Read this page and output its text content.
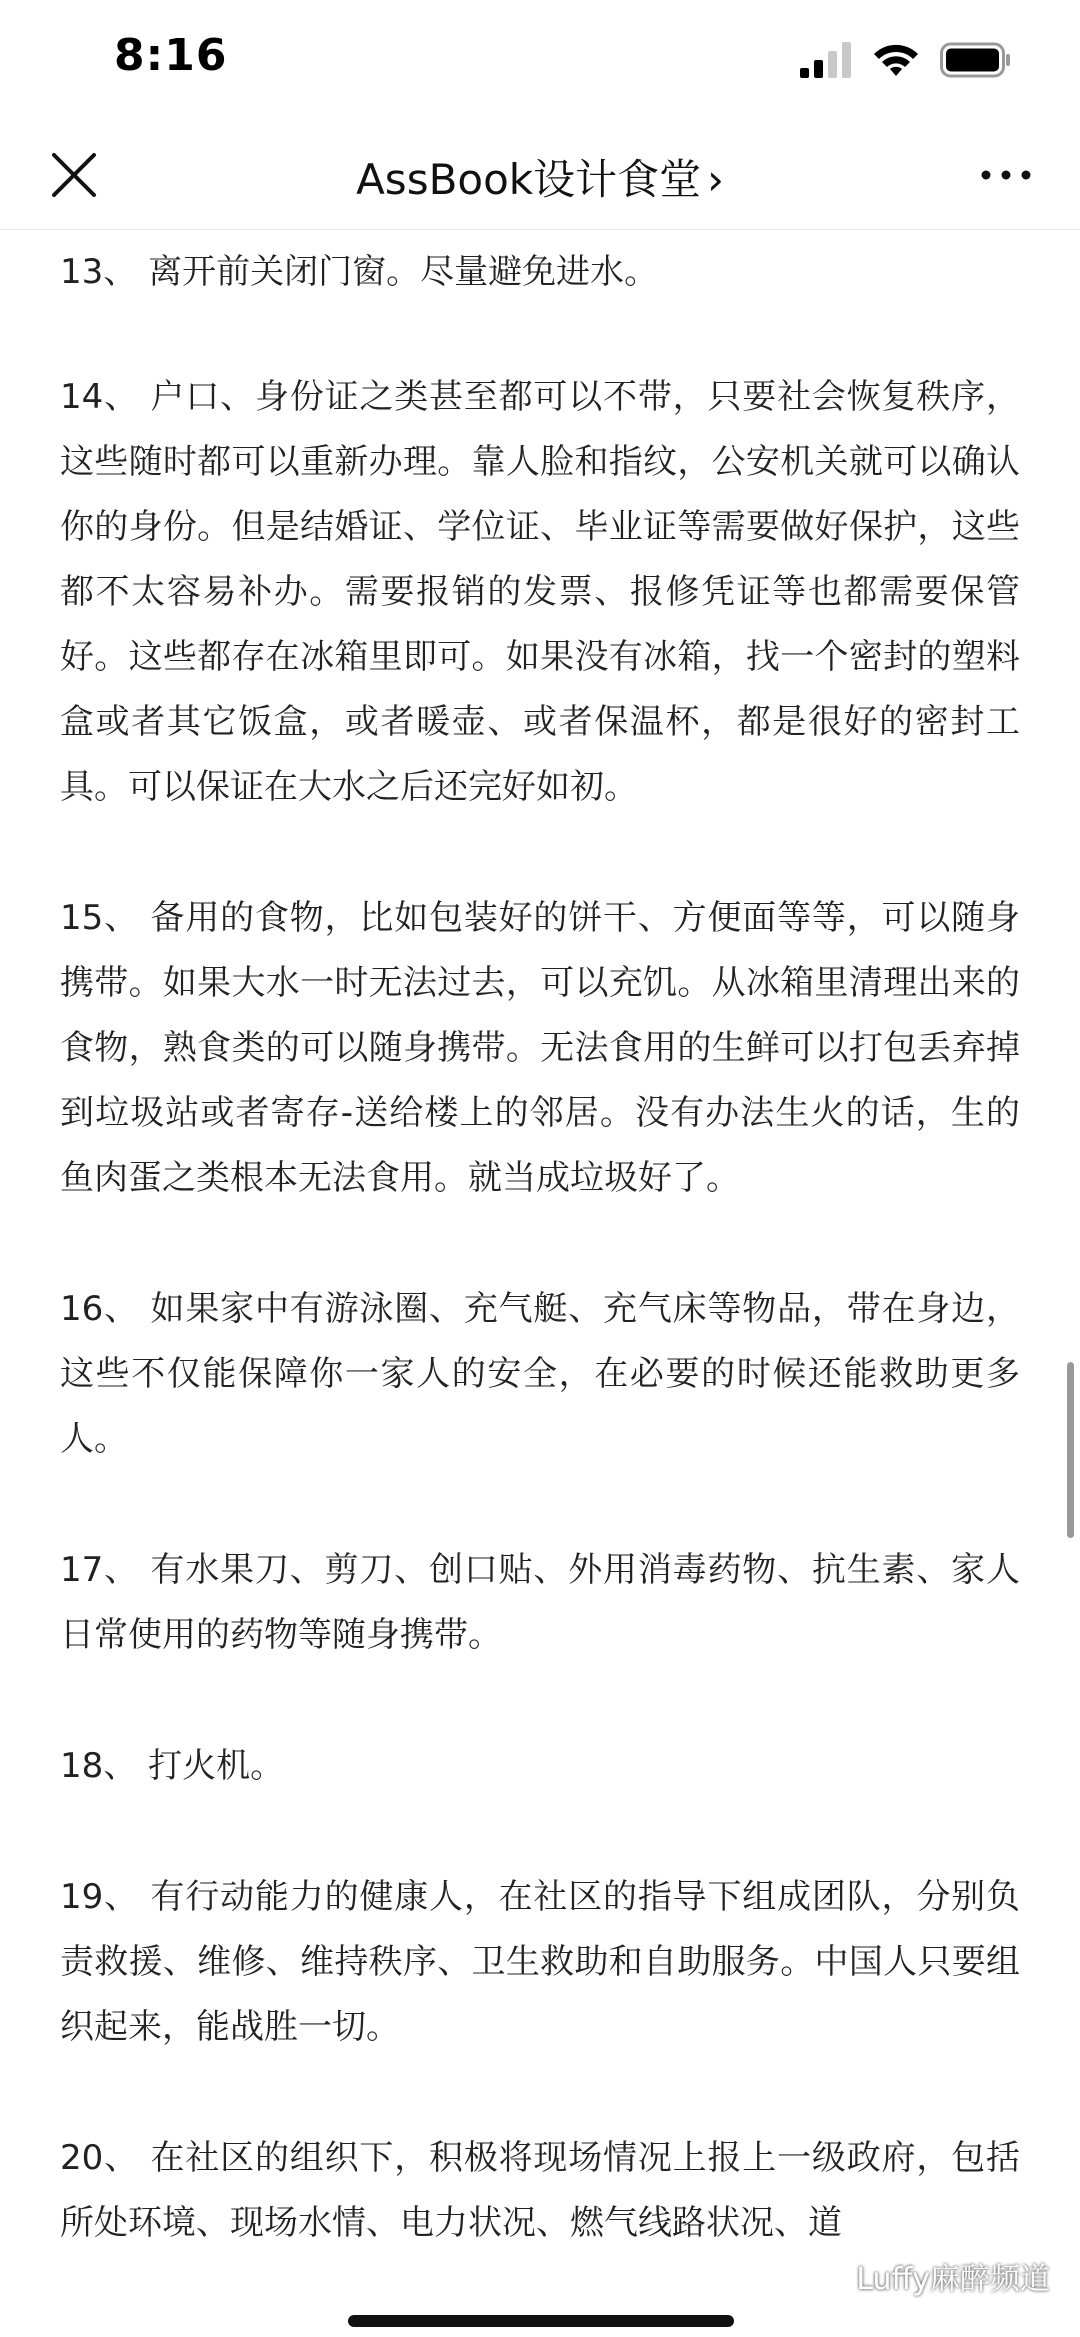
8:16
AssBook设计食堂 ›

13、 离开前关闭门窗。尽量避免进水。

14、 户口、身份证之类甚至都可以不带，只要社会恢复秩序，这些随时都可以重新办理。靠人脸和指纹，公安机关就可以确认你的身份。但是结婚证、学位证、毕业证等需要做好保护，这些都不太容易补办。需要报销的发票、报修凭证等也都需要保管好。这些都存在冰箱里即可。如果没有冰箱，找一个密封的塑料盒或者其它饭盒，或者暖壶、或者保温杯，都是很好的密封工具。可以保证在大水之后还完好如初。

15、 备用的食物，比如包装好的饼干、方便面等等，可以随身携带。如果大水一时无法过去，可以充饥。从冰箱里清理出来的食物，熟食类的可以随身携带。无法食用的生鲜可以打包丢弃掉到垃圾站或者寄存-送给楼上的邻居。没有办法生火的话，生的鱼肉蛋之类根本无法食用。就当成垃圾好了。

16、 如果家中有游泳圈、充气艇、充气床等物品，带在身边，这些不仅能保障你一家人的安全，在必要的时候还能救助更多人。

17、 有水果刀、剪刀、创口贴、外用消毒药物、抗生素、家人日常使用的药物等随身携带。

18、 打火机。

19、 有行动能力的健康人，在社区的指导下组成团队，分别负责救援、维修、维持秩序、卫生救助和自助服务。中国人只要组织起来，能战胜一切。

20、 在社区的组织下，积极将现场情况上报上一级政府，包括所处环境、现场水情、电力状况、燃气线路状况、道

Luffy麻醉频道
